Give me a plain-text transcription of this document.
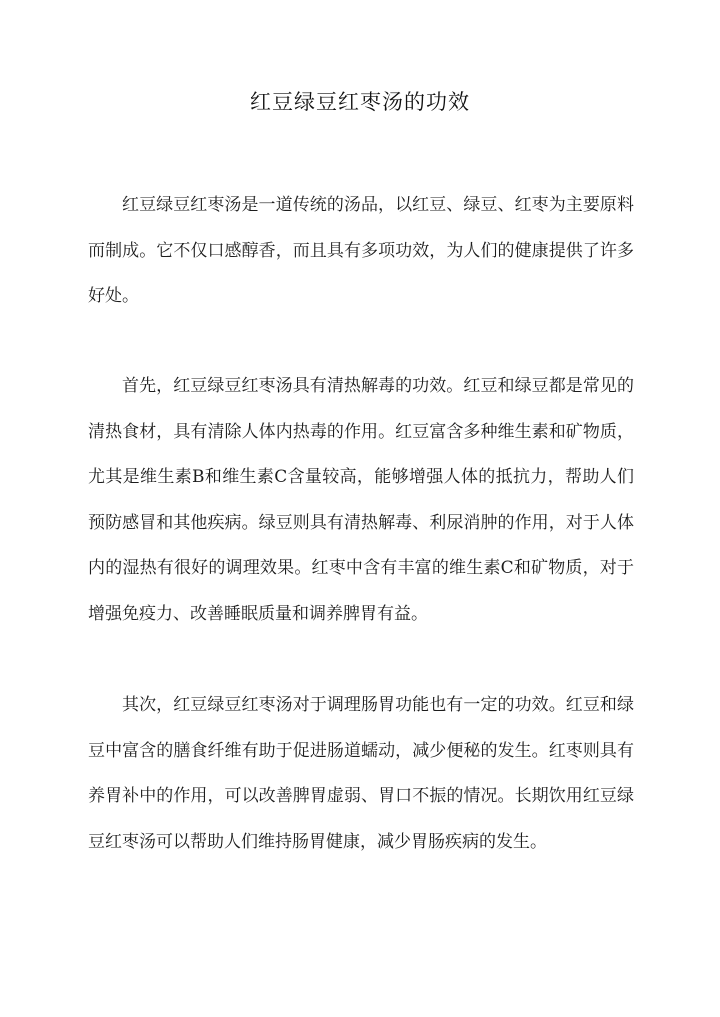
红豆绿豆红枣汤的功效

红豆绿豆红枣汤是一道传统的汤品，以红豆、绿豆、红枣为主要原料而制成。它不仅口感醇香，而且具有多项功效，为人们的健康提供了许多好处。

首先，红豆绿豆红枣汤具有清热解毒的功效。红豆和绿豆都是常见的清热食材，具有清除人体内热毒的作用。红豆富含多种维生素和矿物质，尤其是维生素B和维生素C含量较高，能够增强人体的抵抗力，帮助人们预防感冒和其他疾病。绿豆则具有清热解毒、利尿消肿的作用，对于人体内的湿热有很好的调理效果。红枣中含有丰富的维生素C和矿物质，对于增强免疫力、改善睡眠质量和调养脾胃有益。

其次，红豆绿豆红枣汤对于调理肠胃功能也有一定的功效。红豆和绿豆中富含的膳食纤维有助于促进肠道蠕动，减少便秘的发生。红枣则具有养胃补中的作用，可以改善脾胃虚弱、胃口不振的情况。长期饮用红豆绿豆红枣汤可以帮助人们维持肠胃健康，减少胃肠疾病的发生。
